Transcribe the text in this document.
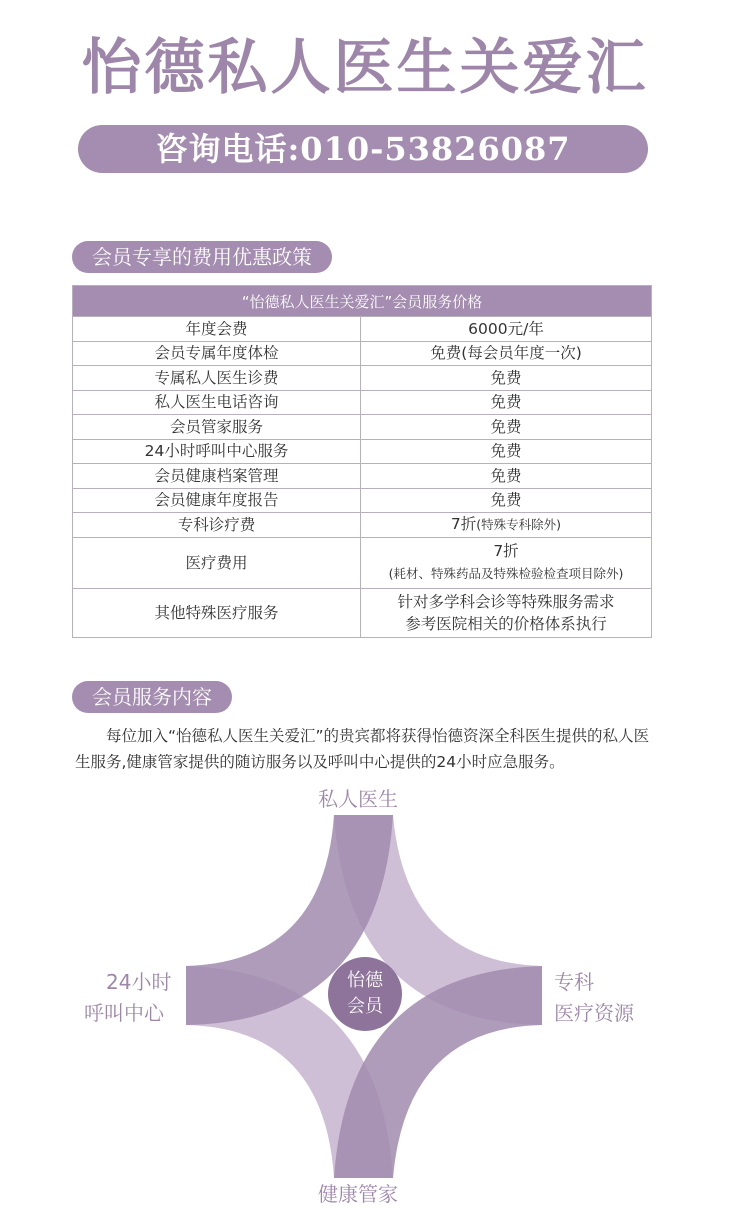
怡德私人医生关爱汇
咨询电话:010-53826087
会员专享的费用优惠政策
“怡德私人医生关爱汇”会员服务价格	
年度会费	6000元/年
会员专属年度体检	免费(每会员年度一次)
专属私人医生诊费	免费
私人医生电话咨询	免费
会员管家服务	免费
24小时呼叫中心服务	免费
会员健康档案管理	免费
会员健康年度报告	免费
专科诊疗费	7折(特殊专科除外)
医疗费用	7折
(耗材、特殊药品及特殊检验检查项目除外)
其他特殊医疗服务	针对多学科会诊等特殊服务需求
参考医院相关的价格体系执行
会员服务内容
每位加入“怡德私人医生关爱汇”的贵宾都将获得怡德资深全科医生提供的私人医生服务,健康管家提供的随访服务以及呼叫中心提供的24小时应急服务。
怡德
会员
私人医生
24小时
呼叫中心
专科
医疗资源
健康管家
